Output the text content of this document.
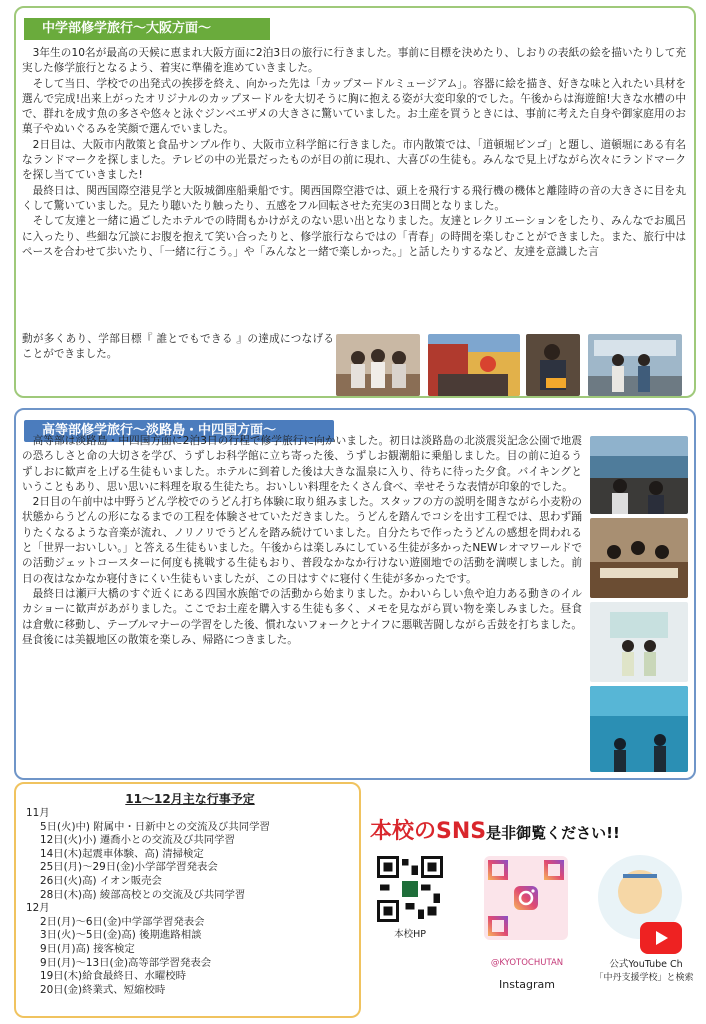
中学部修学旅行～大阪方面～

3年生の10名が最高の天候に恵まれ大阪方面に2泊3日の旅行に行きました。事前に目標を決めたり、しおりの表紙の絵を描いたりして充実した修学旅行となるよう、着実に準備を進めていきました。

そして当日、学校での出発式の挨拶を終え、向かった先は「カップヌードルミュージアム」。容器に絵を描き、好きな味と入れたい具材を選んで完成!出来上がったオリジナルのカップヌードルを大切そうに胸に抱える姿が大変印象的でした。午後からは海遊館!大きな水槽の中で、群れを成す魚の多さや悠々と泳ぐジンベエザメの大きさに驚いていました。お土産を買うときには、事前に考えた自身や御家庭用のお菓子やぬいぐるみを笑顔で選んでいました。

2日目は、大阪市内散策と食品サンプル作り、大阪市立科学館に行きました。市内散策では、「道頓堀ビンゴ」と題し、道頓堀にある有名なランドマークを探しました。テレビの中の光景だったものが目の前に現れ、大喜びの生徒も。みんなで見上げながら次々にランドマークを探し当てていきました!

最終日は、関西国際空港見学と大阪城御座船乗船です。関西国際空港では、頭上を飛行する飛行機の機体と離陸時の音の大きさに目を丸くして驚いていました。見たり聴いたり触ったり、五感をフル回転させた充実の3日間となりました。

そして友達と一緒に過ごしたホテルでの時間もかけがえのない思い出となりました。友達とレクリエーションをしたり、みんなでお風呂に入ったり、些細な冗談にお腹を抱えて笑い合ったりと、修学旅行ならではの「青春」の時間を楽しむことができました。また、旅行中はペースを合わせて歩いたり、「一緒に行こう。」や「みんなと一緒で楽しかった。」と話したりするなど、友達を意識した言

動が多くあり、学部目標『 誰とでもできる 』の達成につなげることができました。

高等部修学旅行～淡路島・中四国方面～

高等部は淡路島・中四国方面に2泊3日の行程で修学旅行に向かいました。初日は淡路島の北淡震災記念公園で地震の恐ろしさと命の大切さを学び、うずしお科学館に立ち寄った後、うずしお観潮船に乗船しました。目の前に迫るうずしおに歓声を上げる生徒もいました。ホテルに到着した後は大きな温泉に入り、待ちに待った夕食。バイキングということもあり、思い思いに料理を取る生徒たち。おいしい料理をたくさん食べ、幸せそうな表情が印象的でした。

2日目の午前中は中野うどん学校でのうどん打ち体験に取り組みました。スタッフの方の説明を聞きながら小麦粉の状態からうどんの形になるまでの工程を体験させていただきました。うどんを踏んでコシを出す工程では、思わず踊りたくなるような音楽が流れ、ノリノリでうどんを踏み続けていました。自分たちで作ったうどんの感想を問われると「世界一おいしい。」と答える生徒もいました。午後からは楽しみにしている生徒が多かったNEWレオマワールドでの活動ジェットコースターに何度も挑戦する生徒もおり、普段なかなか行けない遊園地での活動を満喫しました。前日の夜はなかなか寝付きにくい生徒もいましたが、この日はすぐに寝付く生徒が多かったです。

最終日は瀬戸大橋のすぐ近くにある四国水族館での活動から始まりました。かわいらしい魚や迫力ある動きのイルカショーに歓声があがりました。ここでお土産を購入する生徒も多く、メモを見ながら買い物を楽しみました。昼食は倉敷に移動し、テーブルマナーの学習をした後、慣れないフォークとナイフに悪戦苦闘しながら舌鼓を打ちました。昼食後には美観地区の散策を楽しみ、帰路につきました。

11～12月主な行事予定
11月
5日(火)中) 附属中・日新中との交流及び共同学習
12日(火)小) 遷喬小との交流及び共同学習
14日(木)起震車体験、高) 清掃検定
25日(月)～29日(金)小学部学習発表会
26日(火)高) イオン販売会
28日(木)高) 綾部高校との交流及び共同学習
12月
2日(月)～6日(金)中学部学習発表会
3日(火)～5日(金)高) 後期進路相談
9日(月)高) 接客検定
9日(月)～13日(金)高等部学習発表会
19日(木)給食最終日、水曜校時
20日(金)終業式、短縮校時
本校のSNS是非御覧ください!!
本校HP
@KYOTOCHUTAN
Instagram
公式YouTube Ch
「中丹支援学校」と検索
